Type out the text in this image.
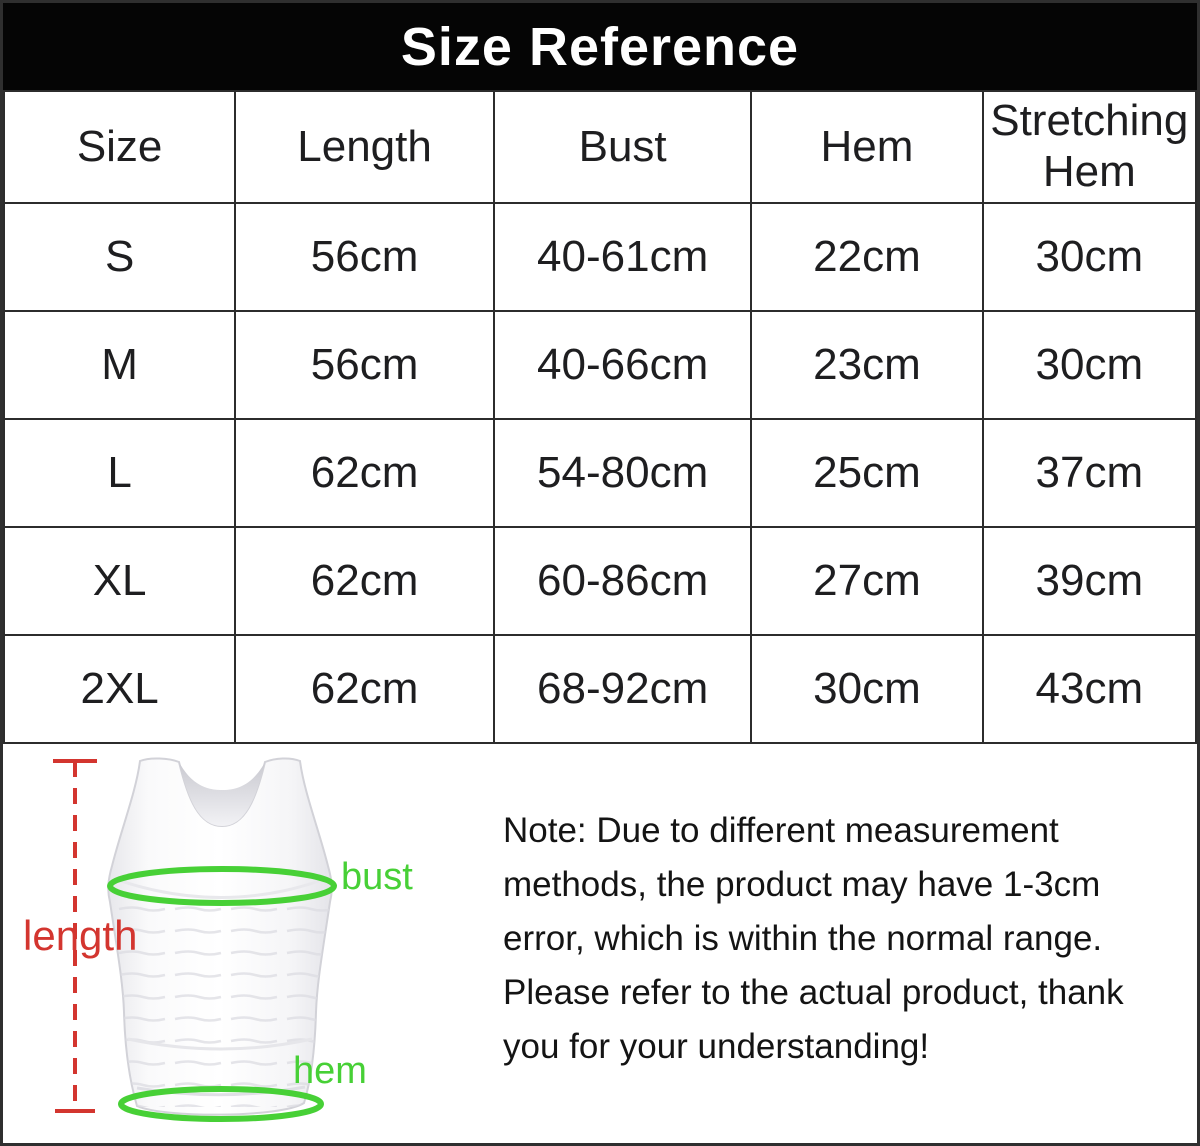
Size Reference
Size	Length	Bust	Hem	Stretching Hem
S	56cm	40-61cm	22cm	30cm
M	56cm	40-66cm	23cm	30cm
L	62cm	54-80cm	25cm	37cm
XL	62cm	60-86cm	27cm	39cm
2XL	62cm	68-92cm	30cm	43cm
length
bust
hem

Note: Due to different measurement methods, the product may have 1-3cm error, which is within the normal range. Please refer to the actual product, thank you for your understanding!
